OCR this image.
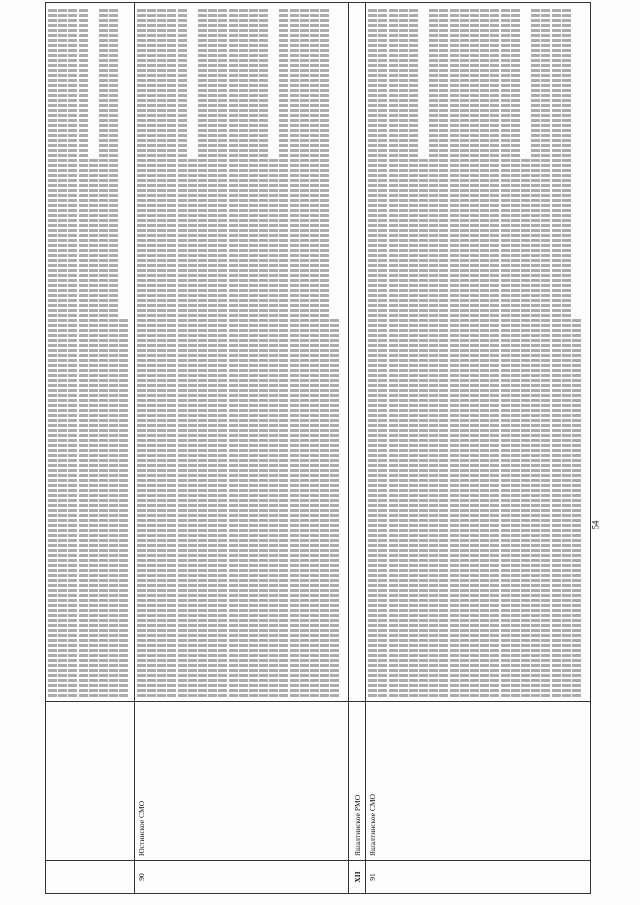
90	Юстинское СМО	

XII	Яшалтинское РМО	
91	Яшалтинское СМО	
54
